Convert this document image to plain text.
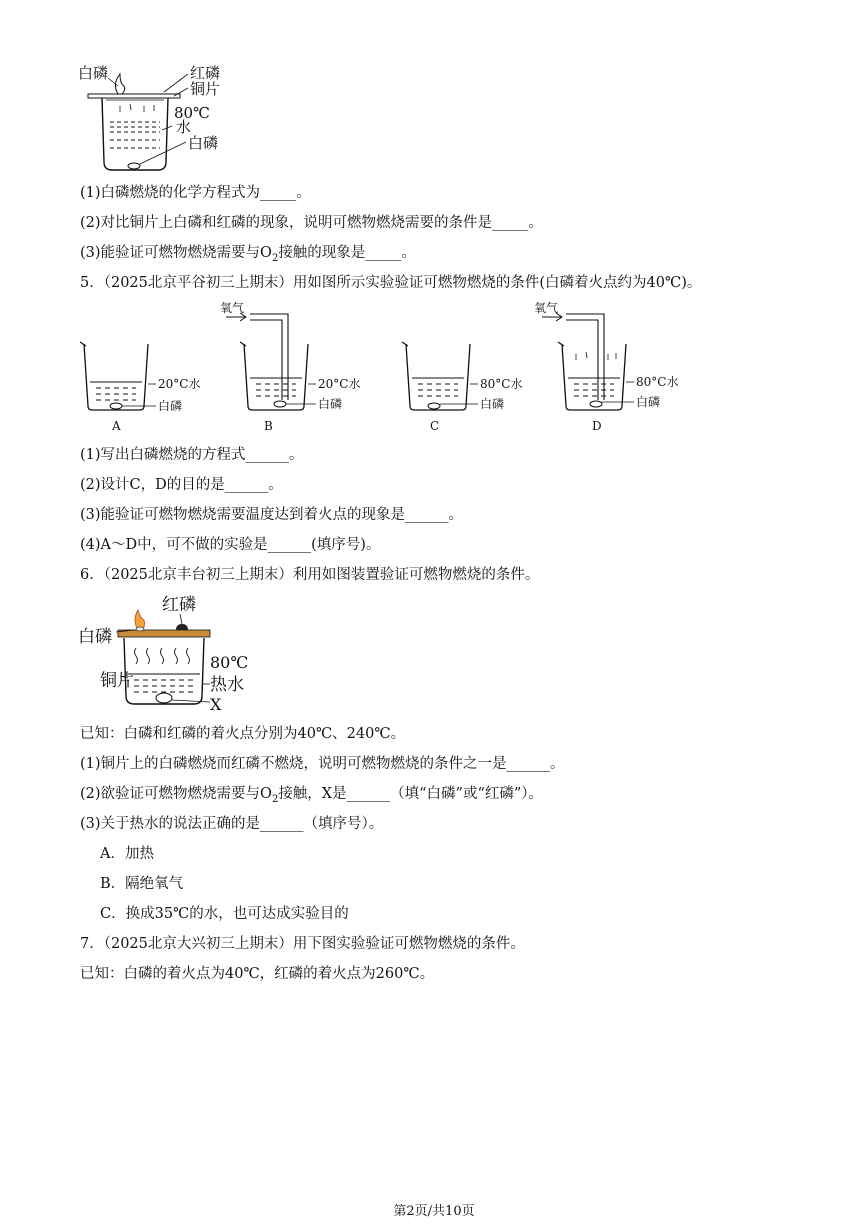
白磷	红磷
铜片
80℃
水
白磷
(1)白磷燃烧的化学方程式为_____。
(2)对比铜片上白磷和红磷的现象，说明可燃物燃烧需要的条件是_____。
(3)能验证可燃物燃烧需要与$O_2$接触的现象是_____。
5．（2025北京平谷初三上期末）用如图所示实验验证可燃物燃烧的条件(白磷着火点约为40℃)。
20°C水
白磷
A
氧气
20°C水
白磷
B
80°C水
白磷
C
氧气
80°C水
白磷
D
(1)写出白磷燃烧的方程式______。
(2)设计C，D的目的是______。
(3)能验证可燃物燃烧需要温度达到着火点的现象是______。
(4)A～D中，可不做的实验是______(填序号)。
6．（2025北京丰台初三上期末）利用如图装置验证可燃物燃烧的条件。
红磷
白磷
铜片
80℃
热水
X
已知：白磷和红磷的着火点分别为40℃、240℃。
(1)铜片上的白磷燃烧而红磷不燃烧，说明可燃物燃烧的条件之一是______。
(2)欲验证可燃物燃烧需要与$O_2$接触，X是______（填“白磷”或“红磷”）。
(3)关于热水的说法正确的是______（填序号）。
A．加热
B．隔绝氧气
C．换成35℃的水，也可达成实验目的
7．（2025北京大兴初三上期末）用下图实验验证可燃物燃烧的条件。
已知：白磷的着火点为40℃，红磷的着火点为260℃。
第2页/共10页
